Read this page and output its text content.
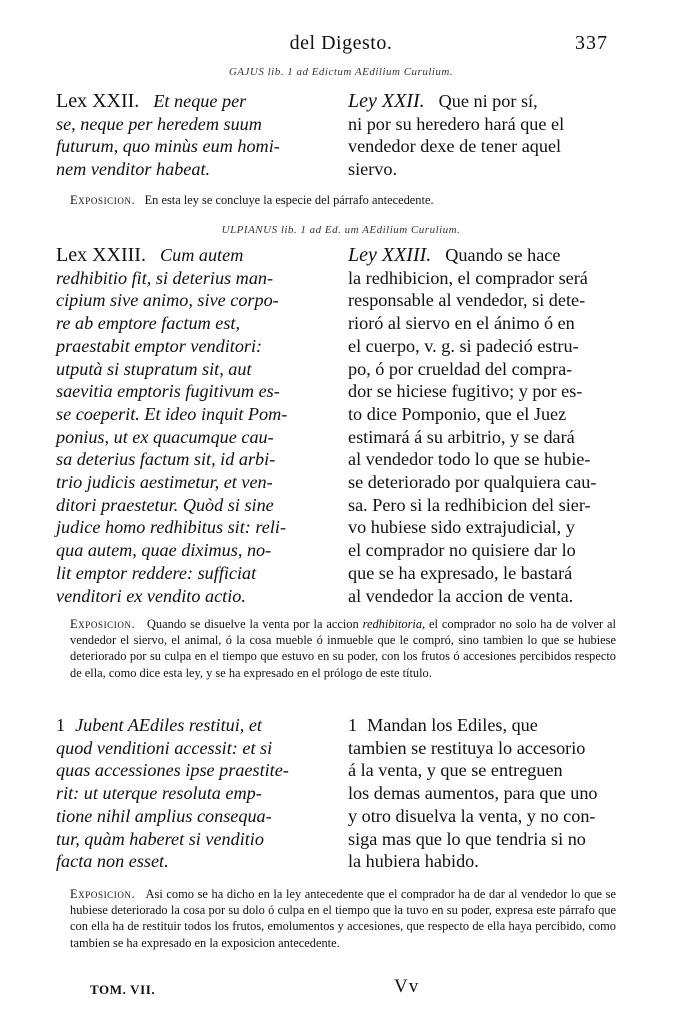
del Digesto.	337
GAJUS lib. 1 ad Edictum AEdilium Curulium.
Lex XXII. Et neque per
se, neque per heredem suum
futurum, quo minùs eum homi-
nem venditor habeat.
Ley XXII. Que ni por sí,
ni por su heredero hará que el
vendedor dexe de tener aquel
siervo.
Exposicion. En esta ley se concluye la especie del párrafo antecedente.
ULPIANUS lib. 1 ad Ed. um AEdilium Curulium.
Lex XXIII. Cum autem
redhibitio fit, si deterius man-
cipium sive animo, sive corpo-
re ab emptore factum est,
praestabit emptor venditori:
utputà si stupratum sit, aut
saevitia emptoris fugitivum es-
se coeperit. Et ideo inquit Pom-
ponius, ut ex quacumque cau-
sa deterius factum sit, id arbi-
trio judicis aestimetur, et ven-
ditori praestetur. Quòd si sine
judice homo redhibitus sit: reli-
qua autem, quae diximus, no-
lit emptor reddere: sufficiat
venditori ex vendito actio.
Ley XXIII. Quando se hace
la redhibicion, el comprador será
responsable al vendedor, si dete-
rioró al siervo en el ánimo ó en
el cuerpo, v. g. si padeció estru-
po, ó por crueldad del compra-
dor se hiciese fugitivo; y por es-
to dice Pomponio, que el Juez
estimará á su arbitrio, y se dará
al vendedor todo lo que se hubie-
se deteriorado por qualquiera cau-
sa. Pero si la redhibicion del sier-
vo hubiese sido extrajudicial, y
el comprador no quisiere dar lo
que se ha expresado, le bastará
al vendedor la accion de venta.
Exposicion. Quando se disuelve la venta por la accion redhibitoria, el comprador no solo ha de volver al vendedor el siervo, el animal, ó la cosa mueble ó inmueble que le compró, sino tambien lo que se hubiese deteriorado por su culpa en el tiempo que estuvo en su poder, con los frutos ó accesiones percibidos respecto de ella, como dice esta ley, y se ha expresado en el prólogo de este título.
1 Jubent AEdiles restitui, et
quod venditioni accessit: et si
quas accessiones ipse praestite-
rit: ut uterque resoluta emp-
tione nihil amplius consequa-
tur, quàm haberet si venditio
facta non esset.
1 Mandan los Ediles, que
tambien se restituya lo accesorio
á la venta, y que se entreguen
los demas aumentos, para que uno
y otro disuelva la venta, y no con-
siga mas que lo que tendria si no
la hubiera habido.
Exposicion. Asi como se ha dicho en la ley antecedente que el comprador ha de dar al vendedor lo que se hubiese deteriorado la cosa por su dolo ó culpa en el tiempo que la tuvo en su poder, expresa este párrafo que con ella ha de restituir todos los frutos, emolumentos y accesiones, que respecto de ella haya percibido, como tambien se ha expresado en la exposicion antecedente.
TOM. VII.	Vv
